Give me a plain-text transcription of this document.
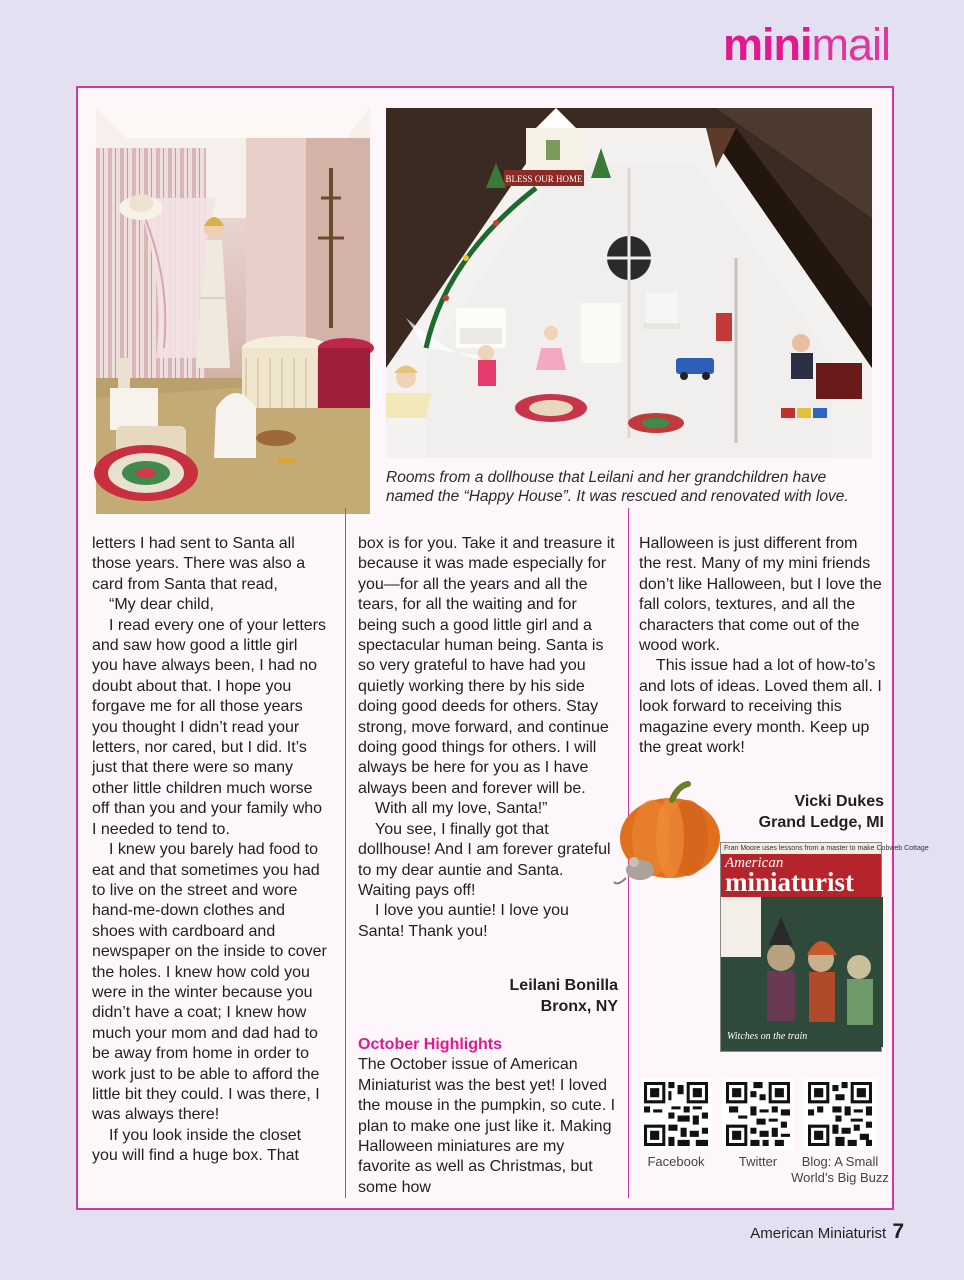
minimail
BLESS OUR HOME
Rooms from a dollhouse that Leilani and her grandchildren have named the “Happy House”. It was rescued and renovated with love.

letters I had sent to Santa all those years. There was also a card from Santa that read,

“My dear child,

I read every one of your letters and saw how good a little girl you have always been, I had no doubt about that. I hope you forgave me for all those years you thought I didn’t read your letters, nor cared, but I did. It’s just that there were so many other little children much worse off than you and your family who I needed to tend to.

I knew you barely had food to eat and that sometimes you had to live on the street and wore hand-me-down clothes and shoes with cardboard and newspaper on the inside to cover the holes. I knew how cold you were in the winter because you didn’t have a coat; I knew how much your mom and dad had to be away from home in order to work just to be able to afford the little bit they could. I was there, I was always there!

If you look inside the closet you will find a huge box. That

box is for you. Take it and treasure it because it was made especially for you—for all the years and all the tears, for all the waiting and for being such a good little girl and a spectacular human being. Santa is so very grateful to have had you quietly working there by his side doing good deeds for others. Stay strong, move forward, and continue doing good things for others. I will always be here for you as I have always been and forever will be.

With all my love, Santa!”

You see, I finally got that dollhouse! And I am forever grateful to my dear auntie and Santa. Waiting pays off!

I love you auntie! I love you Santa! Thank you!

Leilani Bonilla
Bronx, NY
October Highlights

The October issue of American Miniaturist was the best yet! I loved the mouse in the pumpkin, so cute. I plan to make one just like it. Making Halloween miniatures are my favorite as well as Christmas, but some how

Halloween is just different from the rest. Many of my mini friends don’t like Halloween, but I love the fall colors, textures, and all the characters that come out of the wood work.

This issue had a lot of how-to’s and lots of ideas. Loved them all. I look forward to receiving this magazine every month. Keep up the great work!

Vicki Dukes
Grand Ledge, MI
Fran Moore uses lessons from a master to make Cobweb Cottage
American
miniaturist
Witches on the train
Facebook	Twitter	Blog: A Small World’s Big Buzz
American Miniaturist 7
